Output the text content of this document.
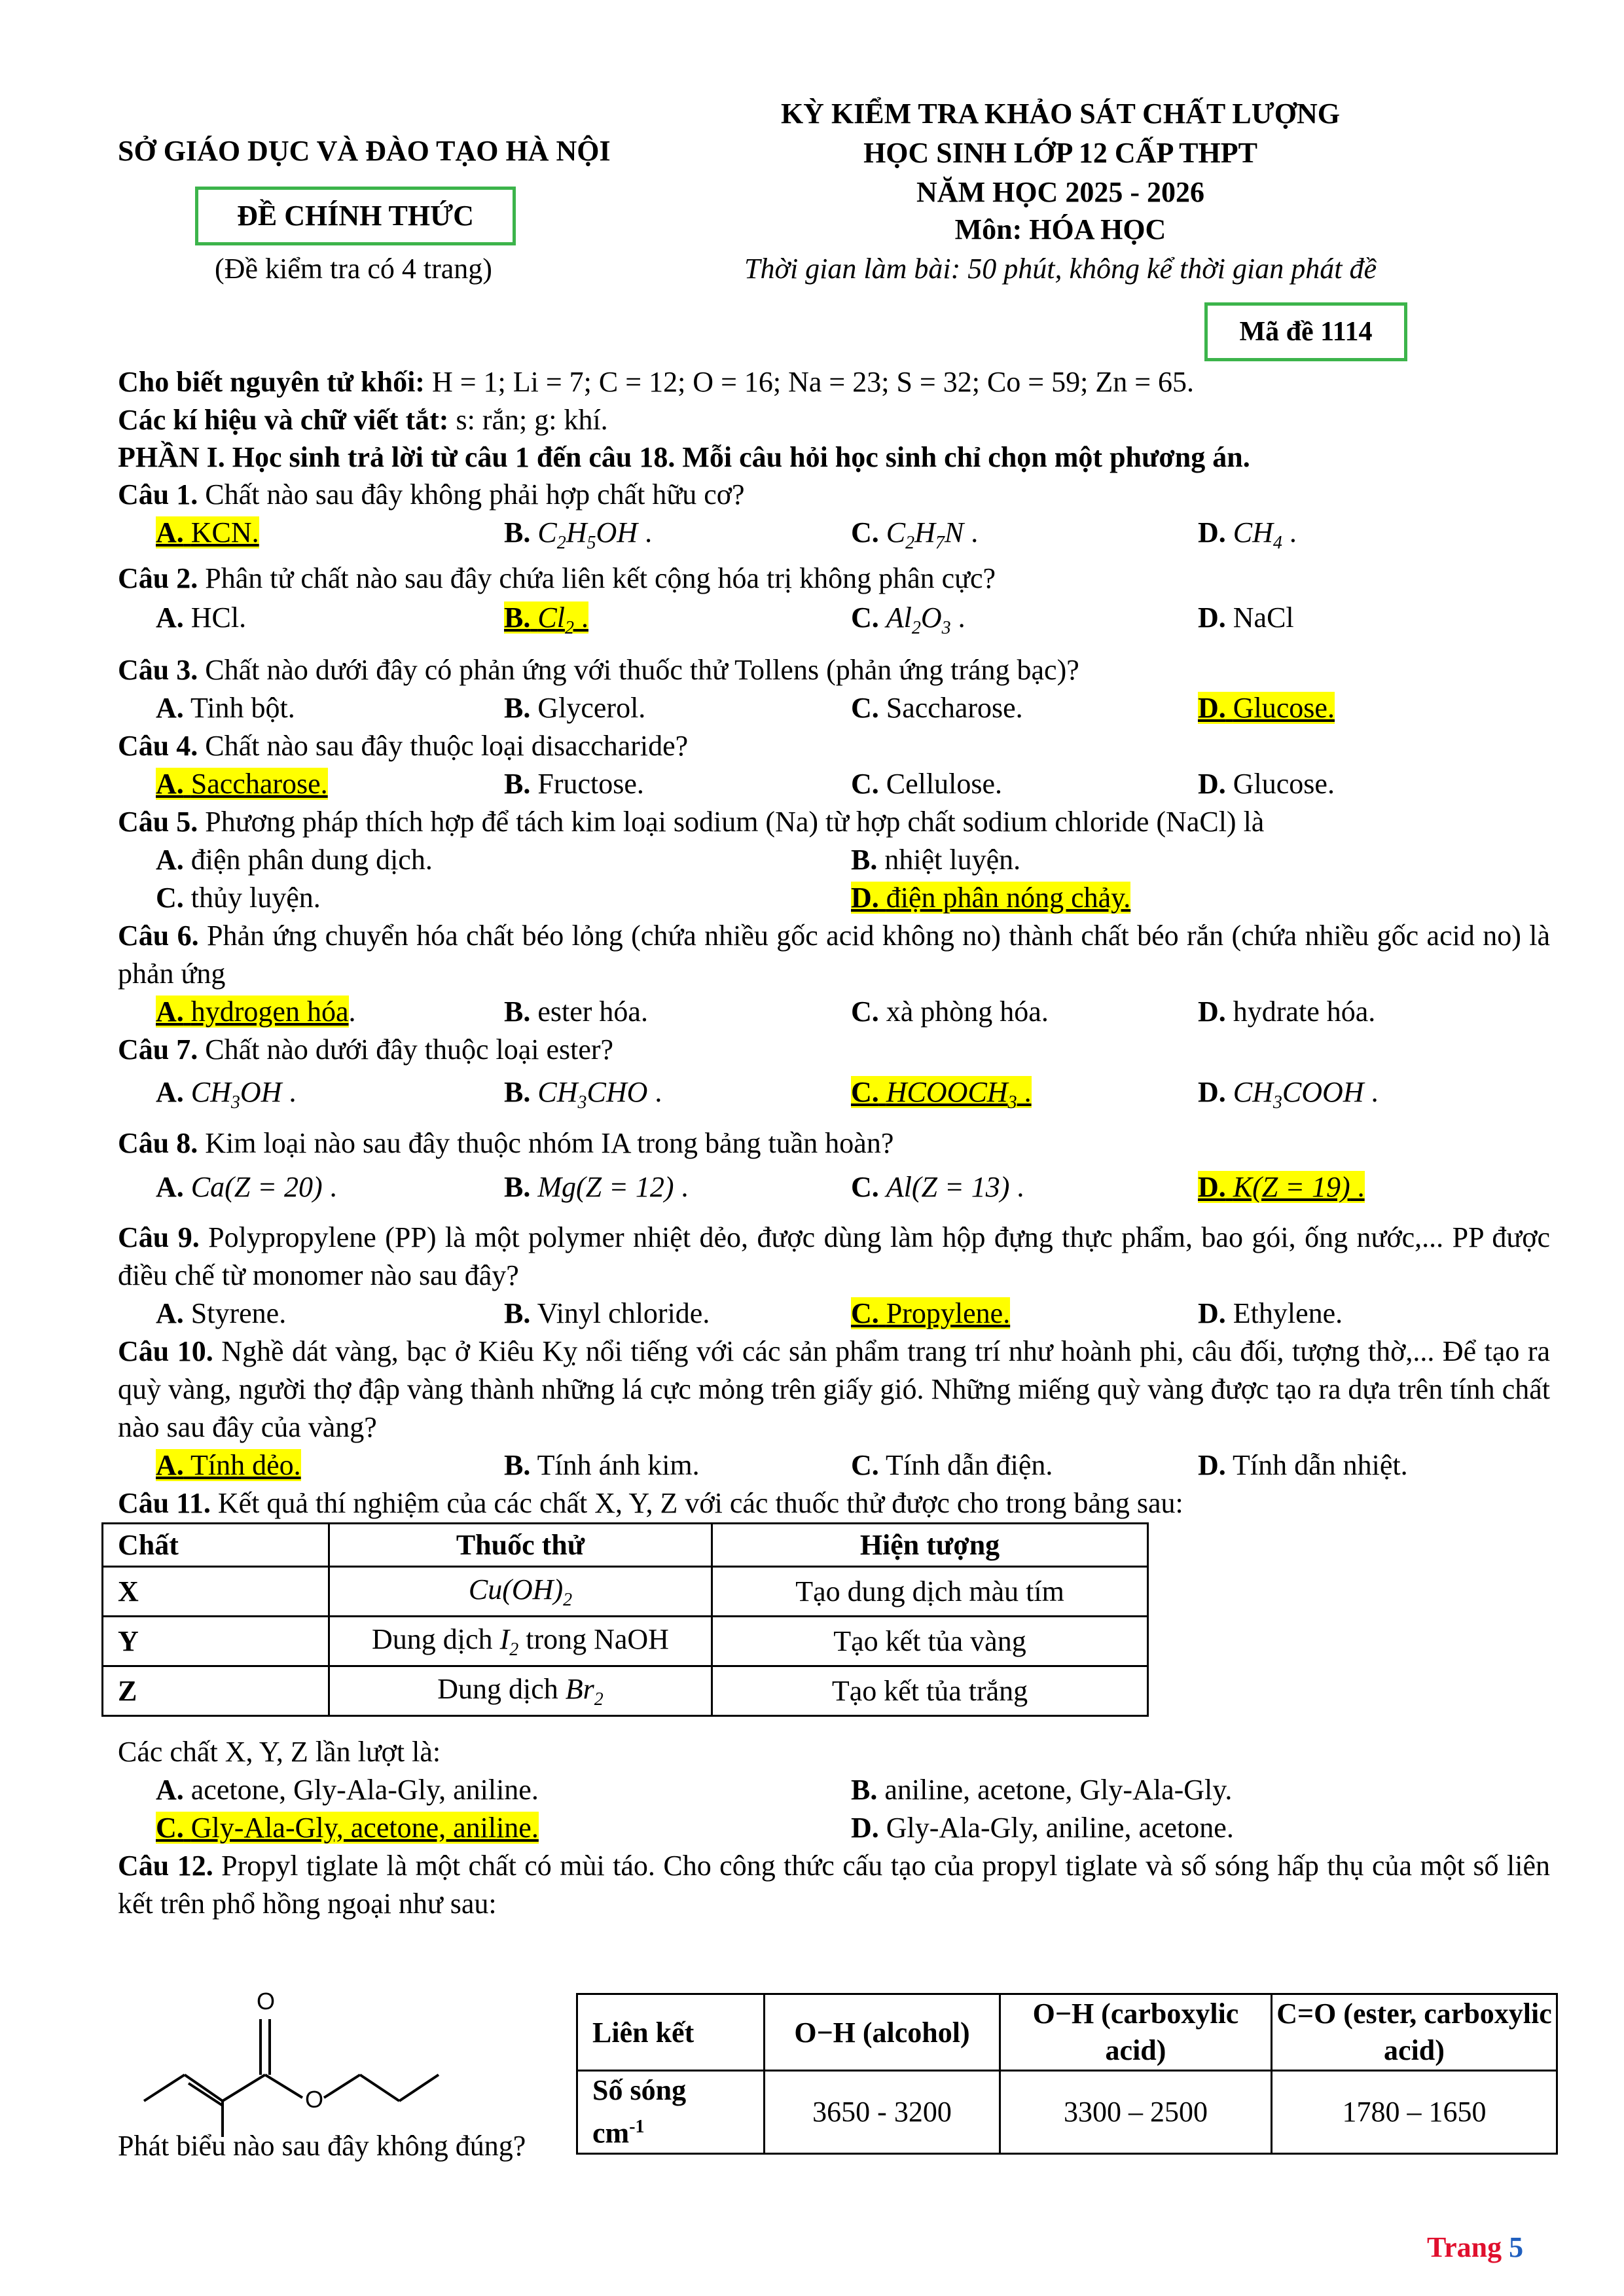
SỞ GIÁO DỤC VÀ ĐÀO TẠO HÀ NỘI
ĐỀ CHÍNH THỨC
(Đề kiểm tra có 4 trang)
KỲ KIỂM TRA KHẢO SÁT CHẤT LƯỢNG
HỌC SINH LỚP 12 CẤP THPT
NĂM HỌC 2025 - 2026
Môn: HÓA HỌC
Thời gian làm bài: 50 phút, không kể thời gian phát đề
Mã đề 1114
Cho biết nguyên tử khối: H = 1; Li = 7; C = 12; O = 16; Na = 23; S = 32; Co = 59; Zn = 65.
Các kí hiệu và chữ viết tắt: s: rắn; g: khí.
PHẦN I. Học sinh trả lời từ câu 1 đến câu 18. Mỗi câu hỏi học sinh chỉ chọn một phương án.
Câu 1. Chất nào sau đây không phải hợp chất hữu cơ?
A. KCN.	B. $C_2H_5OH$ .	C. $C_2H_7N$ .	D. $CH_4$ .
Câu 2. Phân tử chất nào sau đây chứa liên kết cộng hóa trị không phân cực?
A. HCl.	B. $Cl_2$ .	C. $Al_2O_3$ .	D. NaCl
Câu 3. Chất nào dưới đây có phản ứng với thuốc thử Tollens (phản ứng tráng bạc)?
A. Tinh bột.	B. Glycerol.	C. Saccharose.	D. Glucose.
Câu 4. Chất nào sau đây thuộc loại disaccharide?
A. Saccharose.	B. Fructose.	C. Cellulose.	D. Glucose.
Câu 5. Phương pháp thích hợp để tách kim loại sodium (Na) từ hợp chất sodium chloride (NaCl) là
A. điện phân dung dịch.	B. nhiệt luyện.
C. thủy luyện.	D. điện phân nóng chảy.
Câu 6. Phản ứng chuyển hóa chất béo lỏng (chứa nhiều gốc acid không no) thành chất béo rắn (chứa nhiều gốc acid no) là phản ứng
A. hydrogen hóa.	B. ester hóa.	C. xà phòng hóa.	D. hydrate hóa.
Câu 7. Chất nào dưới đây thuộc loại ester?
A. $CH_3OH$ .	B. $CH_3CHO$ .	C. $HCOOCH_3$ .	D. $CH_3COOH$ .
Câu 8. Kim loại nào sau đây thuộc nhóm IA trong bảng tuần hoàn?
A. Ca(Z = 20) .	B. Mg(Z = 12) .	C. Al(Z = 13) .	D. K(Z = 19) .
Câu 9. Polypropylene (PP) là một polymer nhiệt dẻo, được dùng làm hộp đựng thực phẩm, bao gói, ống nước,... PP được điều chế từ monomer nào sau đây?
A. Styrene.	B. Vinyl chloride.	C. Propylene.	D. Ethylene.
Câu 10. Nghề dát vàng, bạc ở Kiêu Kỵ nổi tiếng với các sản phẩm trang trí như hoành phi, câu đối, tượng thờ,... Để tạo ra quỳ vàng, người thợ đập vàng thành những lá cực mỏng trên giấy gió. Những miếng quỳ vàng được tạo ra dựa trên tính chất nào sau đây của vàng?
A. Tính dẻo.	B. Tính ánh kim.	C. Tính dẫn điện.	D. Tính dẫn nhiệt.
Câu 11. Kết quả thí nghiệm của các chất X, Y, Z với các thuốc thử được cho trong bảng sau:
Chất	Thuốc thử	Hiện tượng
X	$Cu(OH)_2$	Tạo dung dịch màu tím
Y	Dung dịch $I_2$ trong NaOH	Tạo kết tủa vàng
Z	Dung dịch $Br_2$	Tạo kết tủa trắng
Các chất X, Y, Z lần lượt là:
A. acetone, Gly-Ala-Gly, aniline.	B. aniline, acetone, Gly-Ala-Gly.
C. Gly-Ala-Gly, acetone, aniline.	D. Gly-Ala-Gly, aniline, acetone.
Câu 12. Propyl tiglate là một chất có mùi táo. Cho công thức cấu tạo của propyl tiglate và số sóng hấp thụ của một số liên kết trên phổ hồng ngoại như sau:
O
O
Phát biểu nào sau đây không đúng?
Liên kết	O−H (alcohol)	O−H (carboxylic acid)	C=O (ester, carboxylic acid)
Số sóng
$cm^{-1}$	3650 - 3200	3300 – 2500	1780 – 1650
Trang 5
